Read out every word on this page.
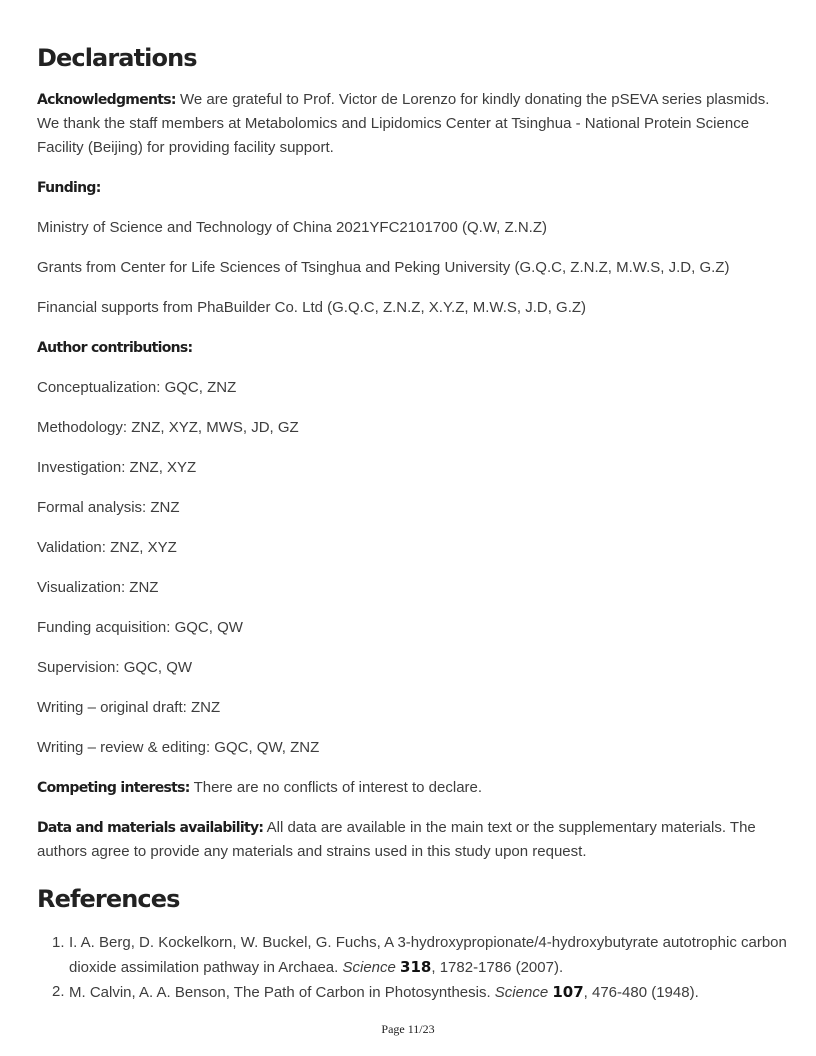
Declarations
Acknowledgments: We are grateful to Prof. Victor de Lorenzo for kindly donating the pSEVA series plasmids. We thank the staff members at Metabolomics and Lipidomics Center at Tsinghua - National Protein Science Facility (Beijing) for providing facility support.
Funding:
Ministry of Science and Technology of China 2021YFC2101700 (Q.W, Z.N.Z)
Grants from Center for Life Sciences of Tsinghua and Peking University (G.Q.C, Z.N.Z, M.W.S, J.D, G.Z)
Financial supports from PhaBuilder Co. Ltd (G.Q.C, Z.N.Z, X.Y.Z, M.W.S, J.D, G.Z)
Author contributions:
Conceptualization: GQC, ZNZ
Methodology: ZNZ, XYZ, MWS, JD, GZ
Investigation: ZNZ, XYZ
Formal analysis: ZNZ
Validation: ZNZ, XYZ
Visualization: ZNZ
Funding acquisition: GQC, QW
Supervision: GQC, QW
Writing – original draft: ZNZ
Writing – review & editing: GQC, QW, ZNZ
Competing interests: There are no conflicts of interest to declare.
Data and materials availability: All data are available in the main text or the supplementary materials. The authors agree to provide any materials and strains used in this study upon request.
References
1. I. A. Berg, D. Kockelkorn, W. Buckel, G. Fuchs, A 3-hydroxypropionate/4-hydroxybutyrate autotrophic carbon dioxide assimilation pathway in Archaea. Science 318, 1782-1786 (2007).
2. M. Calvin, A. A. Benson, The Path of Carbon in Photosynthesis. Science 107, 476-480 (1948).
Page 11/23
